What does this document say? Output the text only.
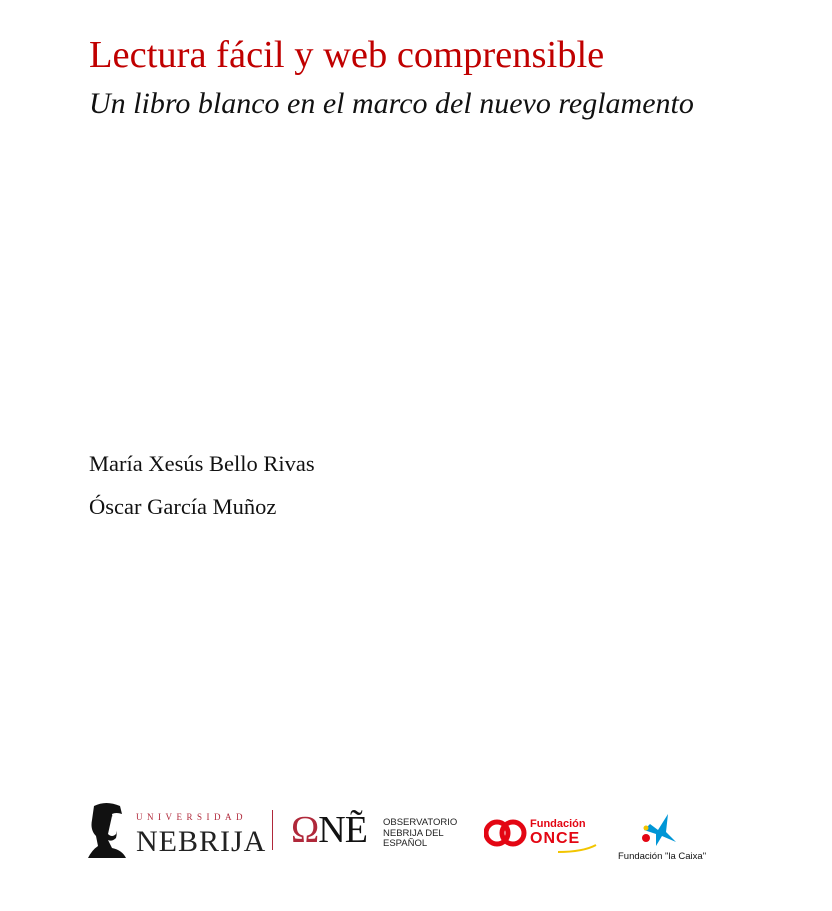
Lectura fácil y web comprensible
Un libro blanco en el marco del nuevo reglamento
María Xesús Bello Rivas
Óscar García Muñoz
UNIVERSIDAD
NEBRIJA ΩNẼ OBSERVATORIO
NEBRIJA DEL
ESPAÑOL
Fundación
ONCE
Fundación "la Caixa"
